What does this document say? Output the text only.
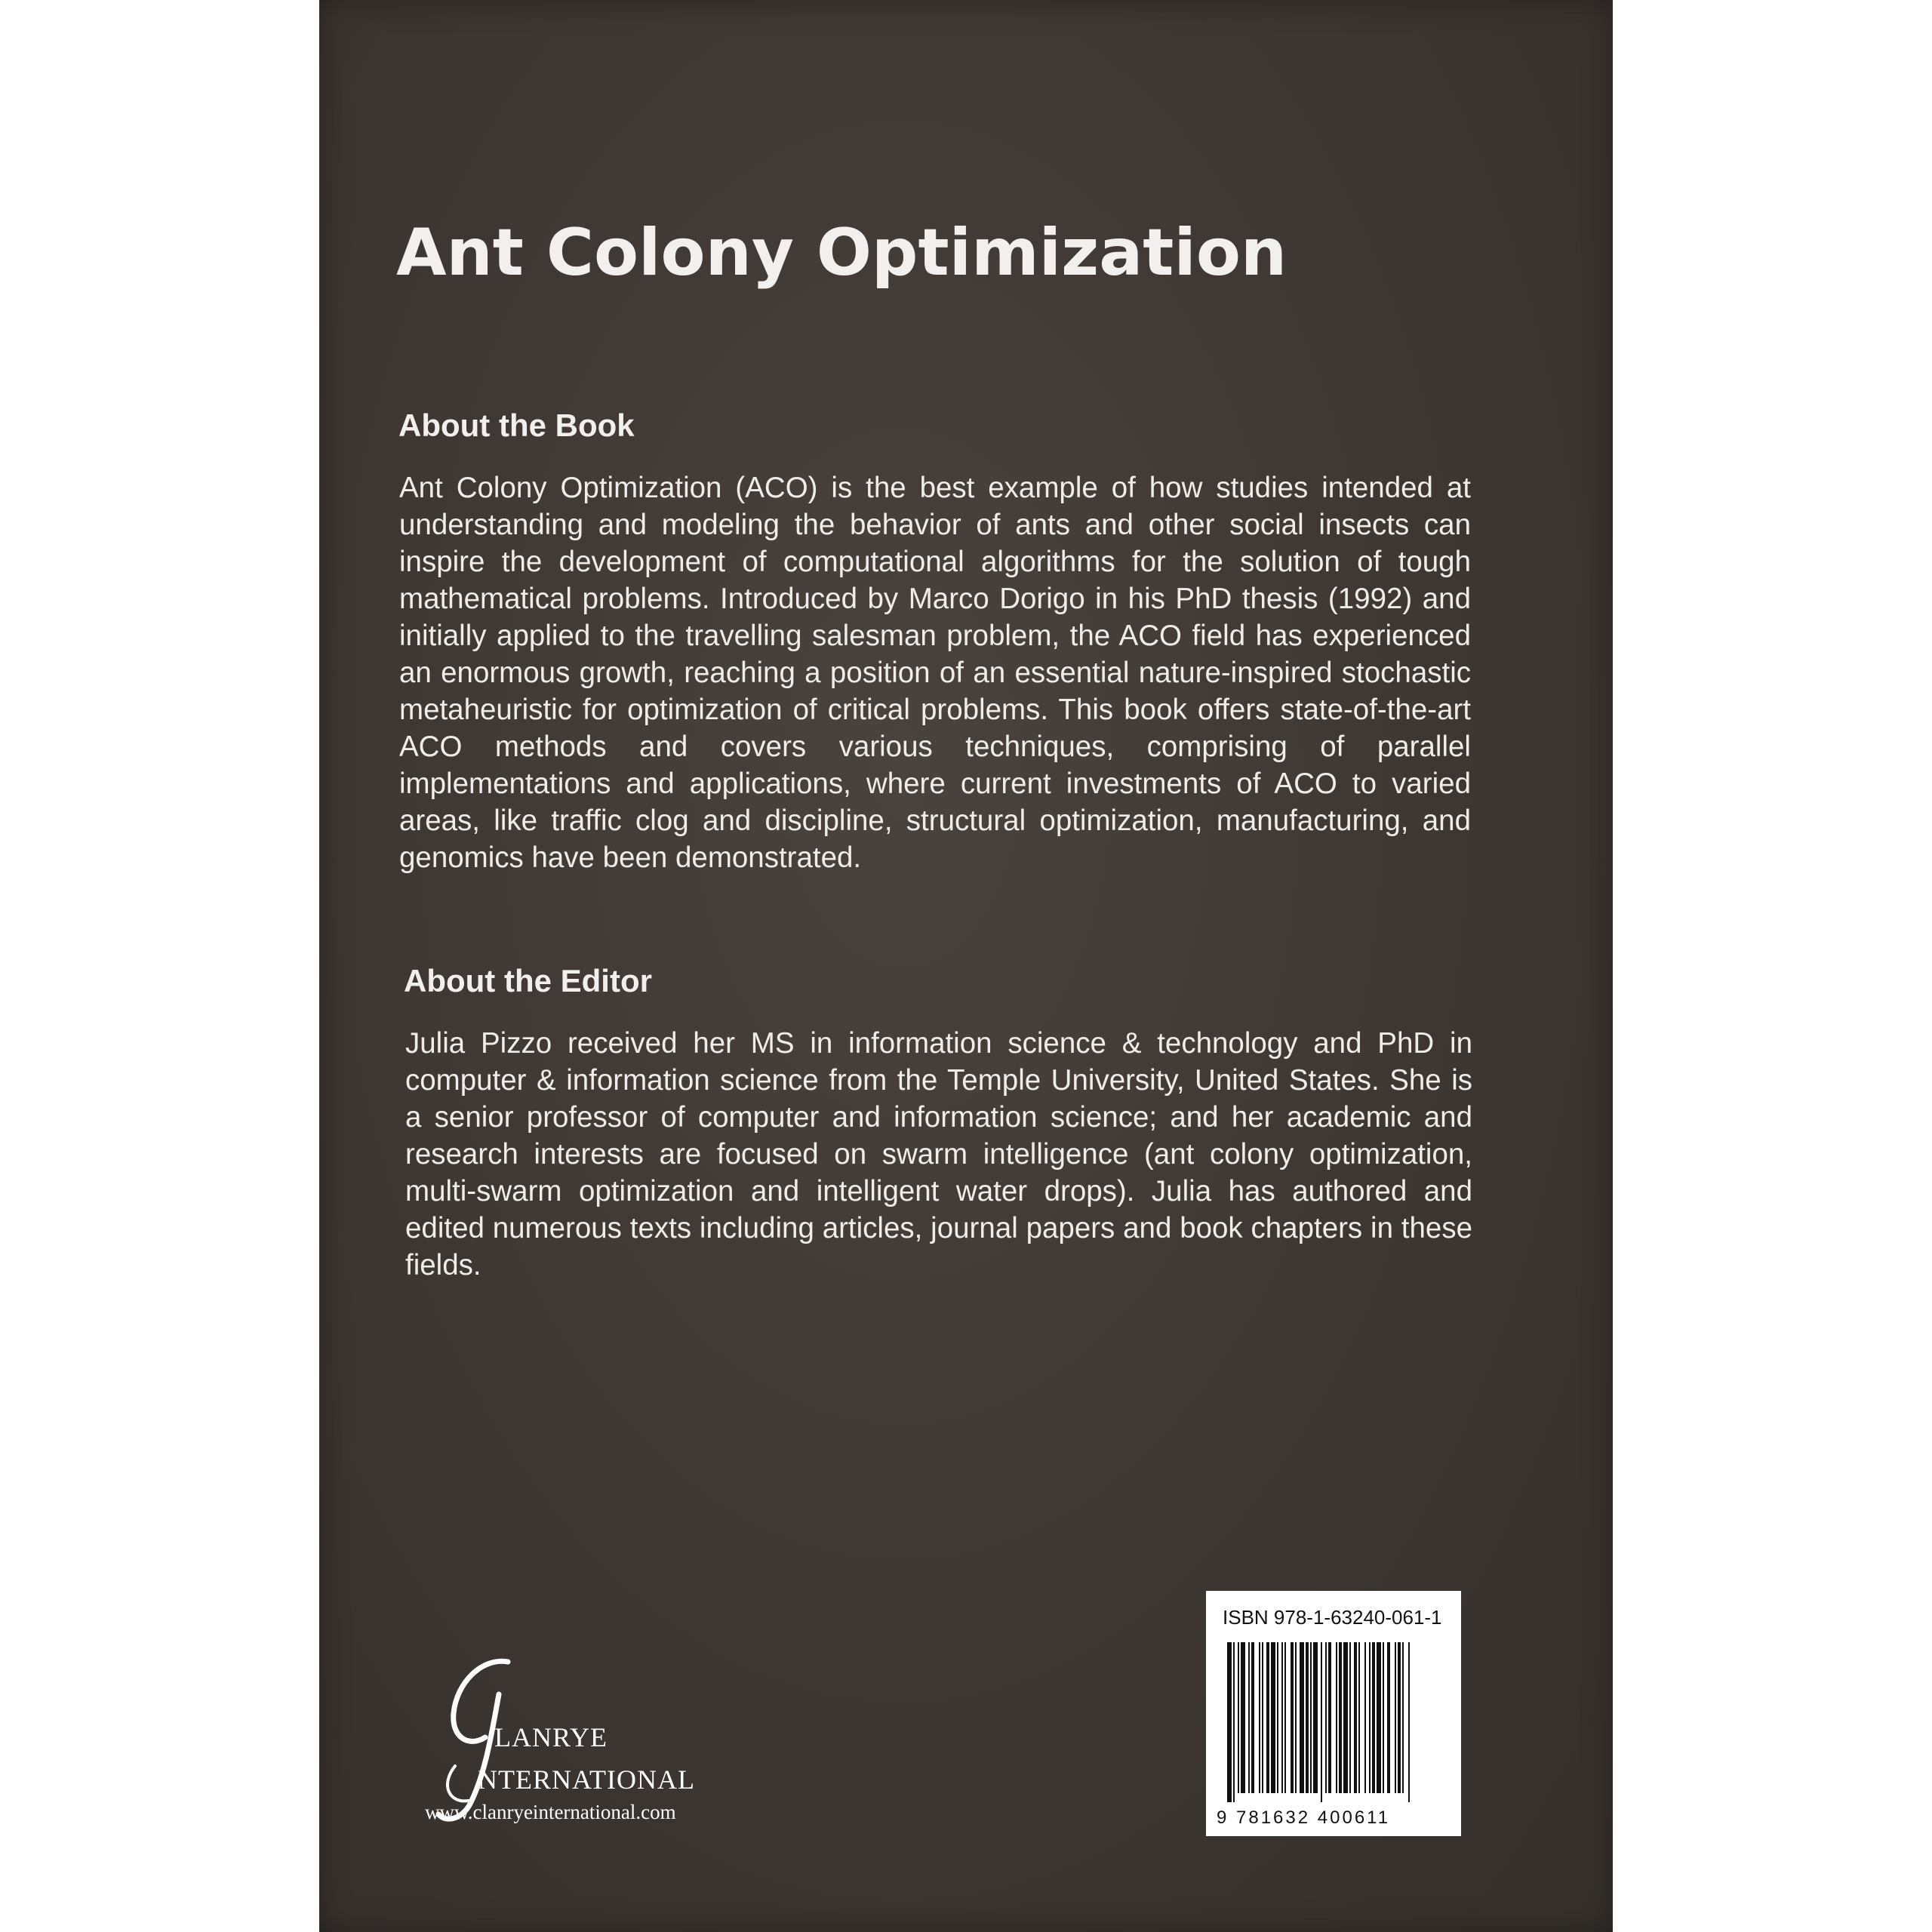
Ant Colony Optimization
About the Book

Ant Colony Optimization (ACO) is the best example of how studies intended at understanding and modeling the behavior of ants and other social insects can inspire the development of computational algorithms for the solution of tough mathematical problems. Introduced by Marco Dorigo in his PhD thesis (1992) and initially applied to the travelling salesman problem, the ACO field has experienced an enormous growth, reaching a position of an essential nature-inspired stochastic metaheuristic for optimization of critical problems. This book offers state-of-the-art ACO methods and covers various techniques, comprising of parallel implementations and applications, where current investments of ACO to varied areas, like traffic clog and discipline, structural optimization, manufacturing, and genomics have been demonstrated.

About the Editor

Julia Pizzo received her MS in information science & technology and PhD in computer & information science from the Temple University, United States. She is a senior professor of computer and information science; and her academic and research interests are focused on swarm intelligence (ant colony optimization, multi-swarm optimization and intelligent water drops). Julia has authored and edited numerous texts including articles, journal papers and book chapters in these fields.

LANRYE
NTERNATIONAL
www.clanryeinternational.com

ISBN 978-1-63240-061-1

9 781632 400611
